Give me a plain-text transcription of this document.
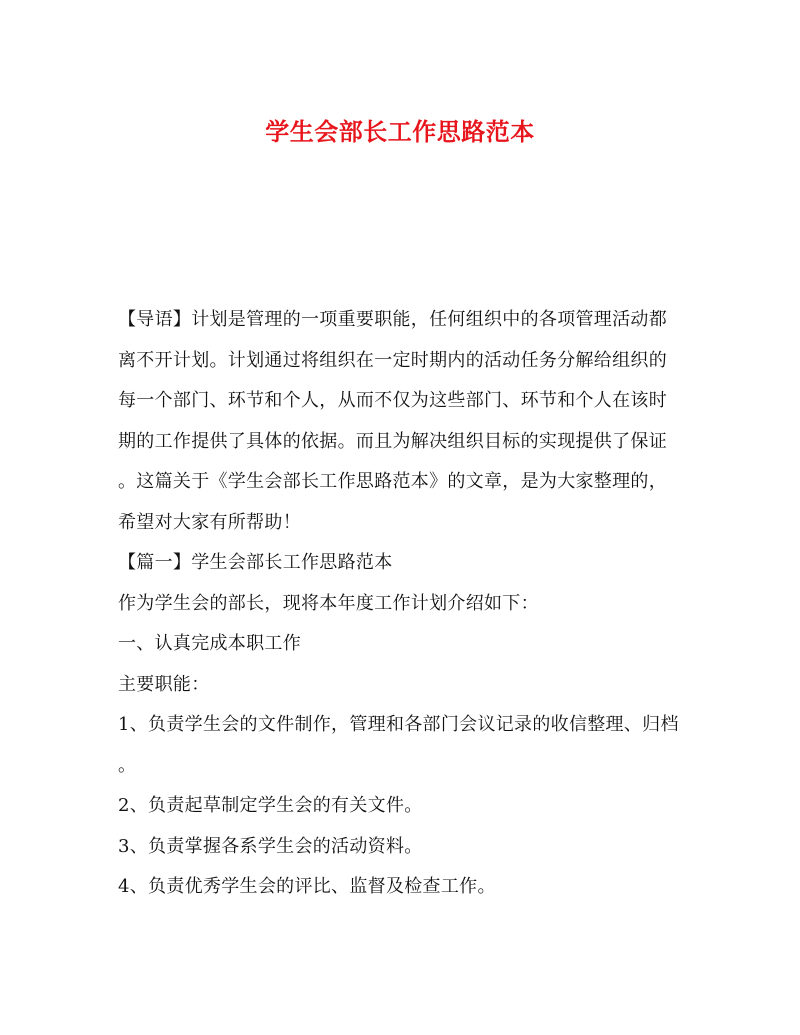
学生会部长工作思路范本
【导语】计划是管理的一项重要职能，任何组织中的各项管理活动都
离不开计划。计划通过将组织在一定时期内的活动任务分解给组织的
每一个部门、环节和个人，从而不仅为这些部门、环节和个人在该时
期的工作提供了具体的依据。而且为解决组织目标的实现提供了保证
。这篇关于《学生会部长工作思路范本》的文章，是为大家整理的，
希望对大家有所帮助！
【篇一】学生会部长工作思路范本
作为学生会的部长，现将本年度工作计划介绍如下：
一、认真完成本职工作
主要职能：
1、负责学生会的文件制作，管理和各部门会议记录的收信整理、归档
。
2、负责起草制定学生会的有关文件。
3、负责掌握各系学生会的活动资料。
4、负责优秀学生会的评比、监督及检查工作。
